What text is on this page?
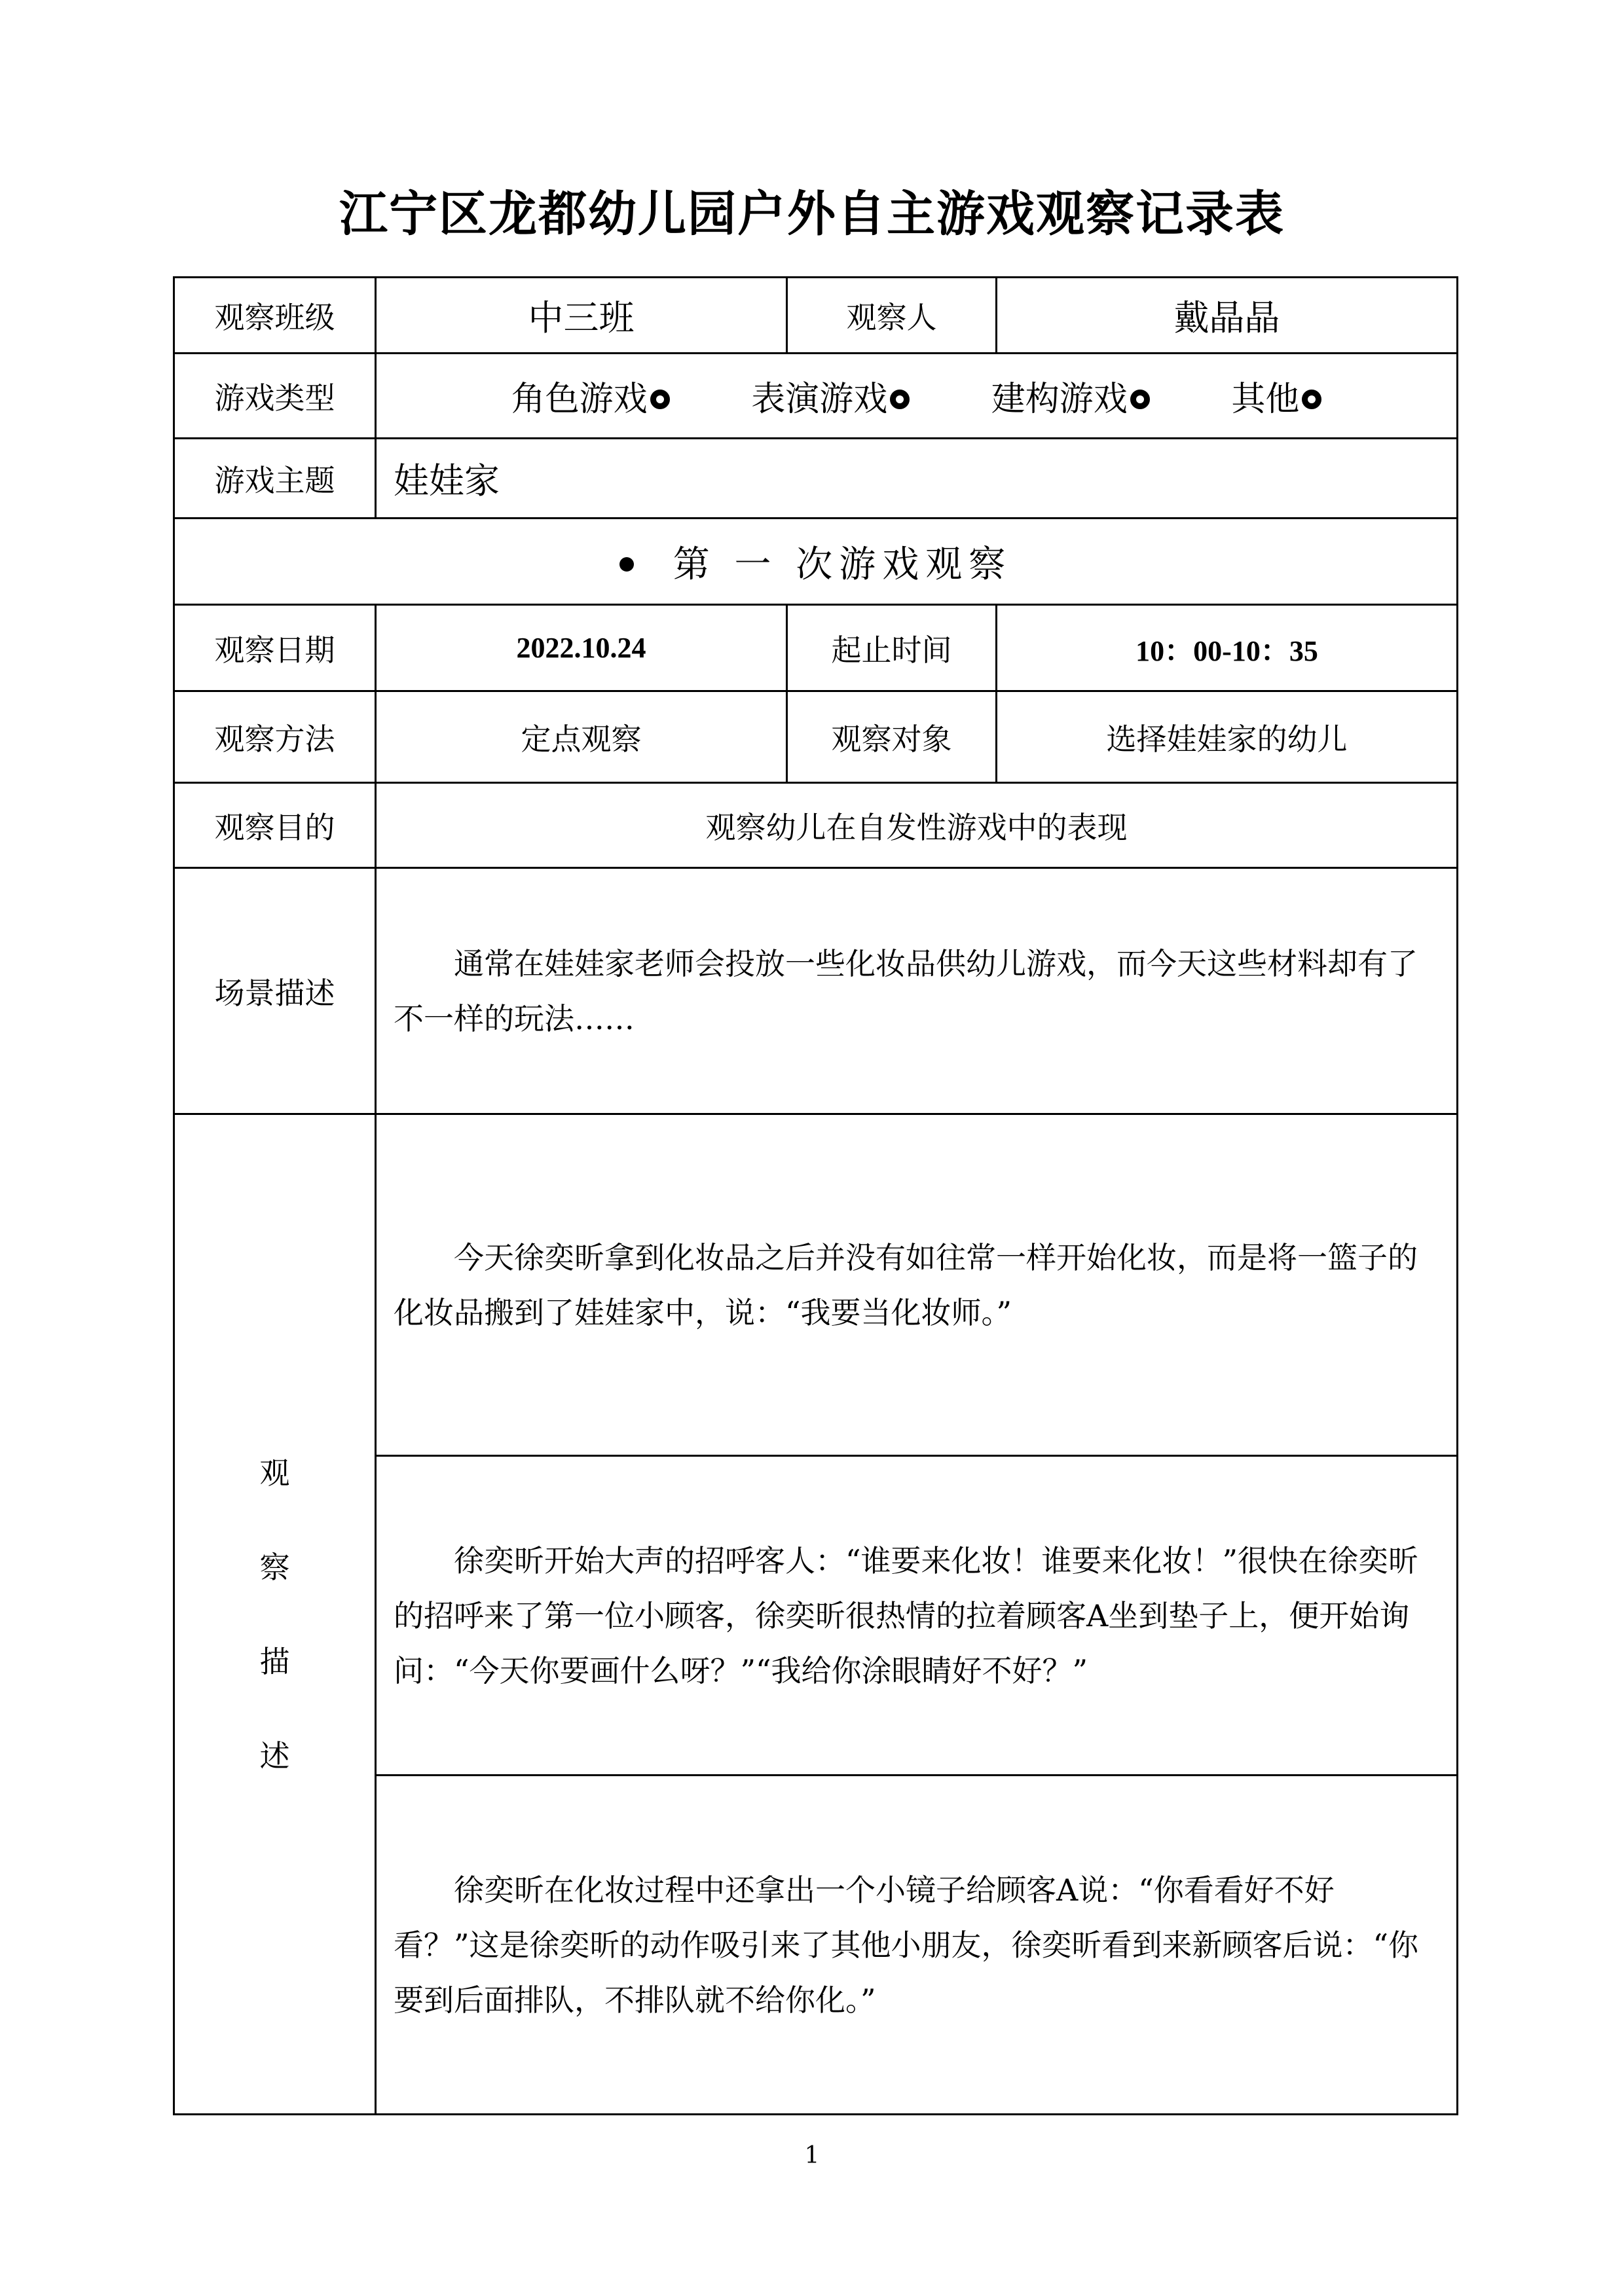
江宁区龙都幼儿园户外自主游戏观察记录表
观察班级	中三班	观察人	戴晶晶
游戏类型	角色游戏 表演游戏 建构游戏 其他		
游戏主题	娃娃家		
第 一 次游戏观察			
观察日期	2022.10.24	起止时间	10：00-10：35
观察方法	定点观察	观察对象	选择娃娃家的幼儿
观察目的	观察幼儿在自发性游戏中的表现		
场景描述	通常在娃娃家老师会投放一些化妆品供幼儿游戏，而今天这些材料却有了不一样的玩法……		

观
察
描
述	今天徐奕昕拿到化妆品之后并没有如往常一样开始化妆，而是将一篮子的化妆品搬到了娃娃家中，说：“我要当化妆师。”		

	徐奕昕开始大声的招呼客人：“谁要来化妆！谁要来化妆！”很快在徐奕昕的招呼来了第一位小顾客，徐奕昕很热情的拉着顾客A坐到垫子上，便开始询问：“今天你要画什么呀？”“我给你涂眼睛好不好？”		

	徐奕昕在化妆过程中还拿出一个小镜子给顾客A说：“你看看好不好看？”这是徐奕昕的动作吸引来了其他小朋友，徐奕昕看到来新顾客后说：“你要到后面排队，不排队就不给你化。”		

1
